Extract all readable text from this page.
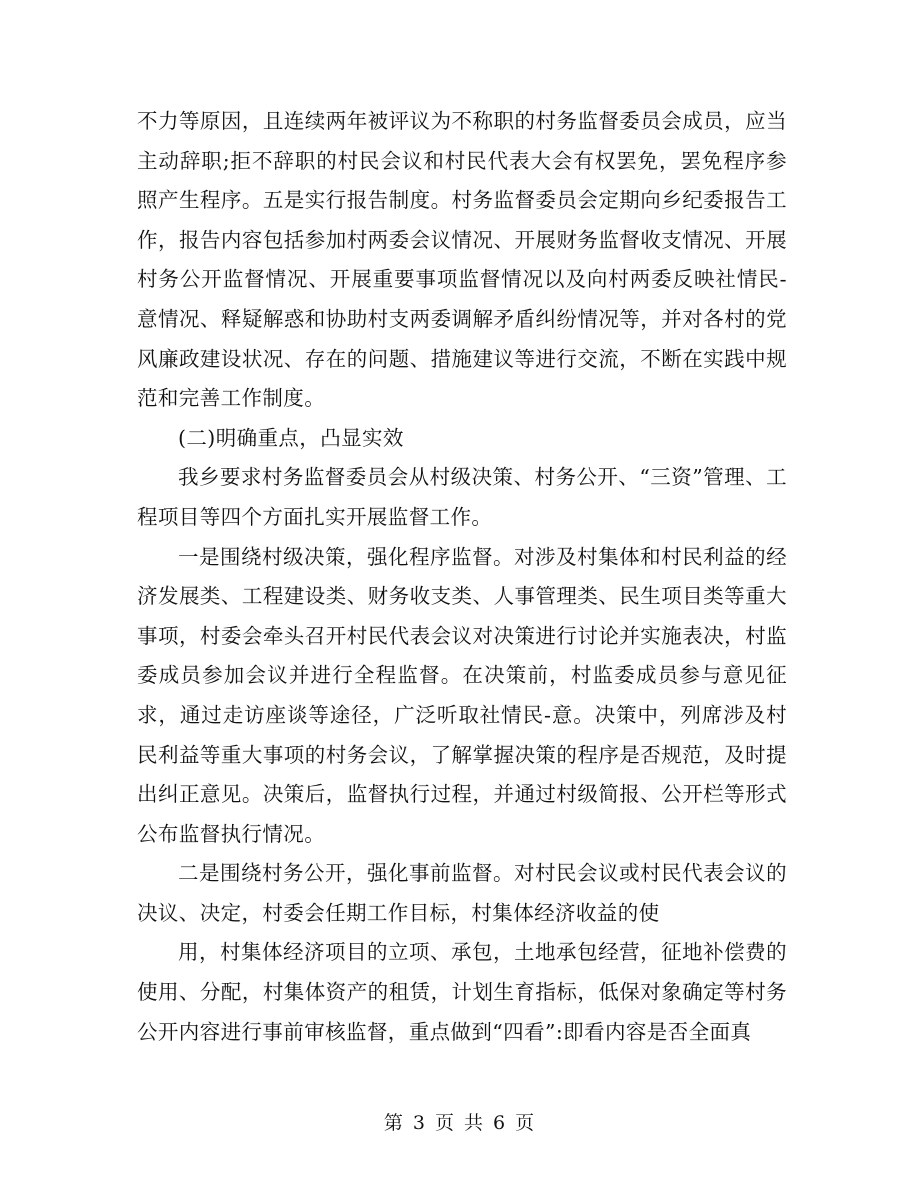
不力等原因，且连续两年被评议为不称职的村务监督委员会成员，应当主动辞职;拒不辞职的村民会议和村民代表大会有权罢免，罢免程序参照产生程序。五是实行报告制度。村务监督委员会定期向乡纪委报告工作，报告内容包括参加村两委会议情况、开展财务监督收支情况、开展村务公开监督情况、开展重要事项监督情况以及向村两委反映社情民-意情况、释疑解惑和协助村支两委调解矛盾纠纷情况等，并对各村的党风廉政建设状况、存在的问题、措施建议等进行交流，不断在实践中规范和完善工作制度。

(二)明确重点，凸显实效

我乡要求村务监督委员会从村级决策、村务公开、“三资”管理、工程项目等四个方面扎实开展监督工作。

一是围绕村级决策，强化程序监督。对涉及村集体和村民利益的经济发展类、工程建设类、财务收支类、人事管理类、民生项目类等重大事项，村委会牵头召开村民代表会议对决策进行讨论并实施表决，村监委成员参加会议并进行全程监督。在决策前，村监委成员参与意见征求，通过走访座谈等途径，广泛听取社情民-意。决策中，列席涉及村民利益等重大事项的村务会议，了解掌握决策的程序是否规范，及时提出纠正意见。决策后，监督执行过程，并通过村级简报、公开栏等形式公布监督执行情况。

二是围绕村务公开，强化事前监督。对村民会议或村民代表会议的决议、决定，村委会任期工作目标，村集体经济收益的使

用，村集体经济项目的立项、承包，土地承包经营，征地补偿费的使用、分配，村集体资产的租赁，计划生育指标，低保对象确定等村务公开内容进行事前审核监督，重点做到“四看”:即看内容是否全面真

第 3 页 共 6 页
